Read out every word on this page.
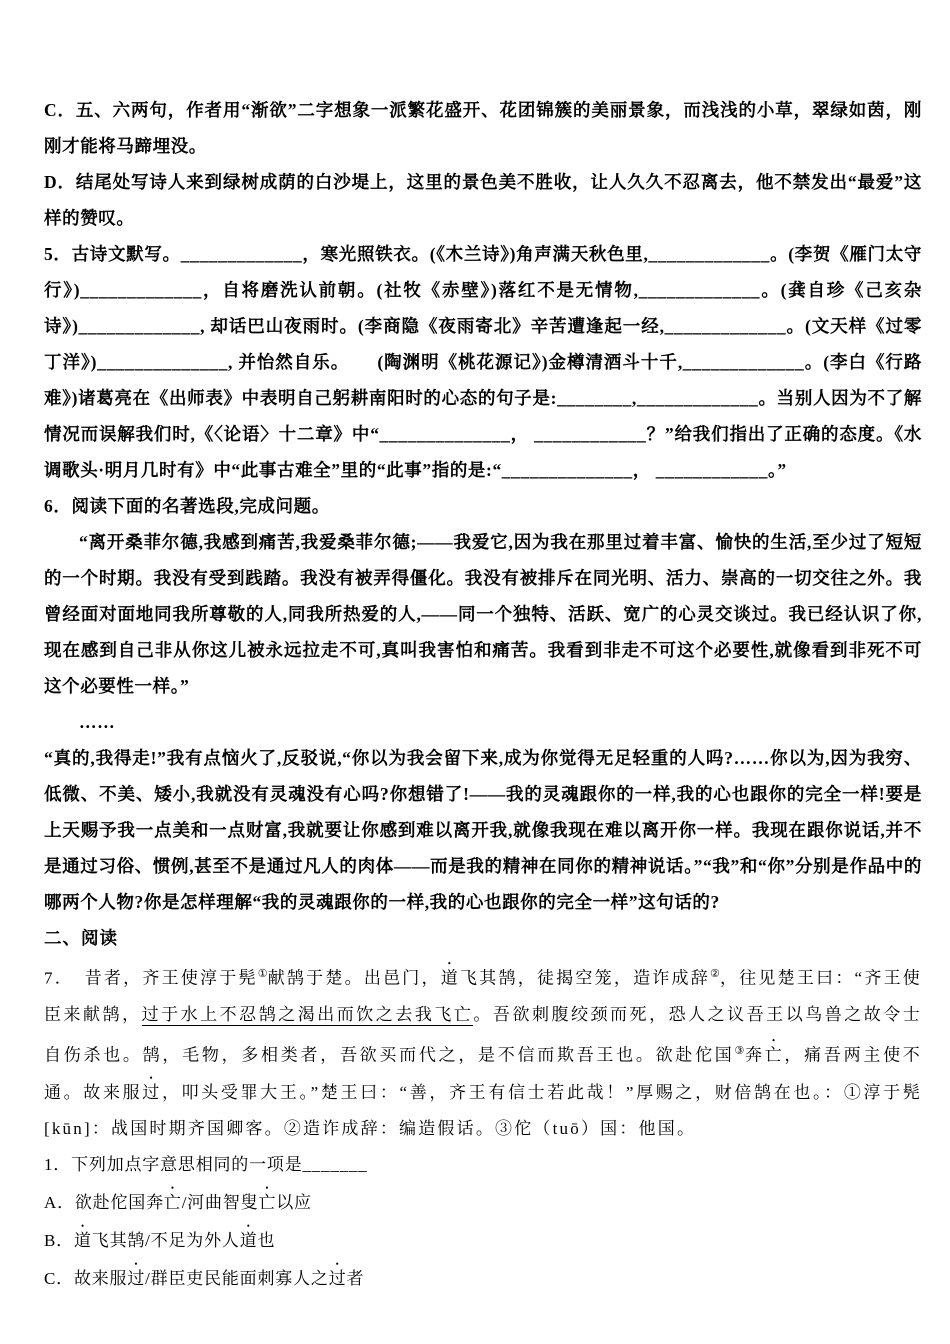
C．五、六两句，作者用“渐欲”二字想象一派繁花盛开、花团锦簇的美丽景象，而浅浅的小草，翠绿如茵，刚刚才能将马蹄埋没。

D．结尾处写诗人来到绿树成荫的白沙堤上，这里的景色美不胜收，让人久久不忍离去，他不禁发出“最爱”这样的赞叹。

5．古诗文默写。_____________，寒光照铁衣。(《木兰诗》)角声满天秋色里,_____________。(李贺《雁门太守行》)_____________，自将磨洗认前朝。(社牧《赤壁》)落红不是无情物,_____________。(龚自珍《己亥杂诗》)_____________, 却话巴山夜雨时。(李商隐《夜雨寄北》辛苦遭逢起一经,_____________。(文天样《过零丁洋》)______________, 并怡然自乐。　　(陶渊明《桃花源记》)金樽清酒斗十千,_____________。(李白《行路难》)诸葛亮在《出师表》中表明自己躬耕南阳时的心态的句子是:________,_____________。当别人因为不了解情况而误解我们时,《〈论语〉十二章》中“______________， ____________？”给我们指出了正确的态度。《水调歌头·明月几时有》中“此事古难全”里的“此事”指的是:“______________， ____________。”

6．阅读下面的名著选段,完成问题。

“离开桑菲尔德,我感到痛苦,我爱桑菲尔德;——我爱它,因为我在那里过着丰富、愉快的生活,至少过了短短的一个时期。我没有受到践踏。我没有被弄得僵化。我没有被排斥在同光明、活力、崇高的一切交往之外。我曾经面对面地同我所尊敬的人,同我所热爱的人,——同一个独特、活跃、宽广的心灵交谈过。我已经认识了你,现在感到自己非从你这儿被永远拉走不可,真叫我害怕和痛苦。我看到非走不可这个必要性,就像看到非死不可这个必要性一样。”

……

“真的,我得走!”我有点恼火了,反驳说,“你以为我会留下来,成为你觉得无足轻重的人吗?……你以为,因为我穷、低微、不美、矮小,我就没有灵魂没有心吗?你想错了!——我的灵魂跟你的一样,我的心也跟你的完全一样!要是上天赐予我一点美和一点财富,我就要让你感到难以离开我,就像我现在难以离开你一样。我现在跟你说话,并不是通过习俗、惯例,甚至不是通过凡人的肉体——而是我的精神在同你的精神说话。”“我”和“你”分别是作品中的哪两个人物?你是怎样理解“我的灵魂跟你的一样,我的心也跟你的完全一样”这句话的?

二、阅读

7．　昔者，齐王使淳于髡①献鹄于楚。出邑门，道飞其鹄，徒揭空笼，造诈成辞②，往见楚王曰：“齐王使臣来献鹄，过于水上不忍鹄之渴出而饮之去我飞亡。吾欲刺腹绞颈而死，恐人之议吾王以鸟兽之故令士自伤杀也。鹄，毛物，多相类者，吾欲买而代之，是不信而欺吾王也。欲赴佗国③奔亡，痛吾两主使不通。故来服过，叩头受罪大王。”楚王曰：“善，齐王有信士若此哉！”厚赐之，财倍鹄在也。：①淳于髡[kūn]：战国时期齐国卿客。②造诈成辞：编造假话。③佗（tuō）国：他国。

1．下列加点字意思相同的一项是_______

A．欲赴佗国奔亡/河曲智叟亡以应

B．道飞其鹄/不足为外人道也

C．故来服过/群臣吏民能面刺寡人之过者
